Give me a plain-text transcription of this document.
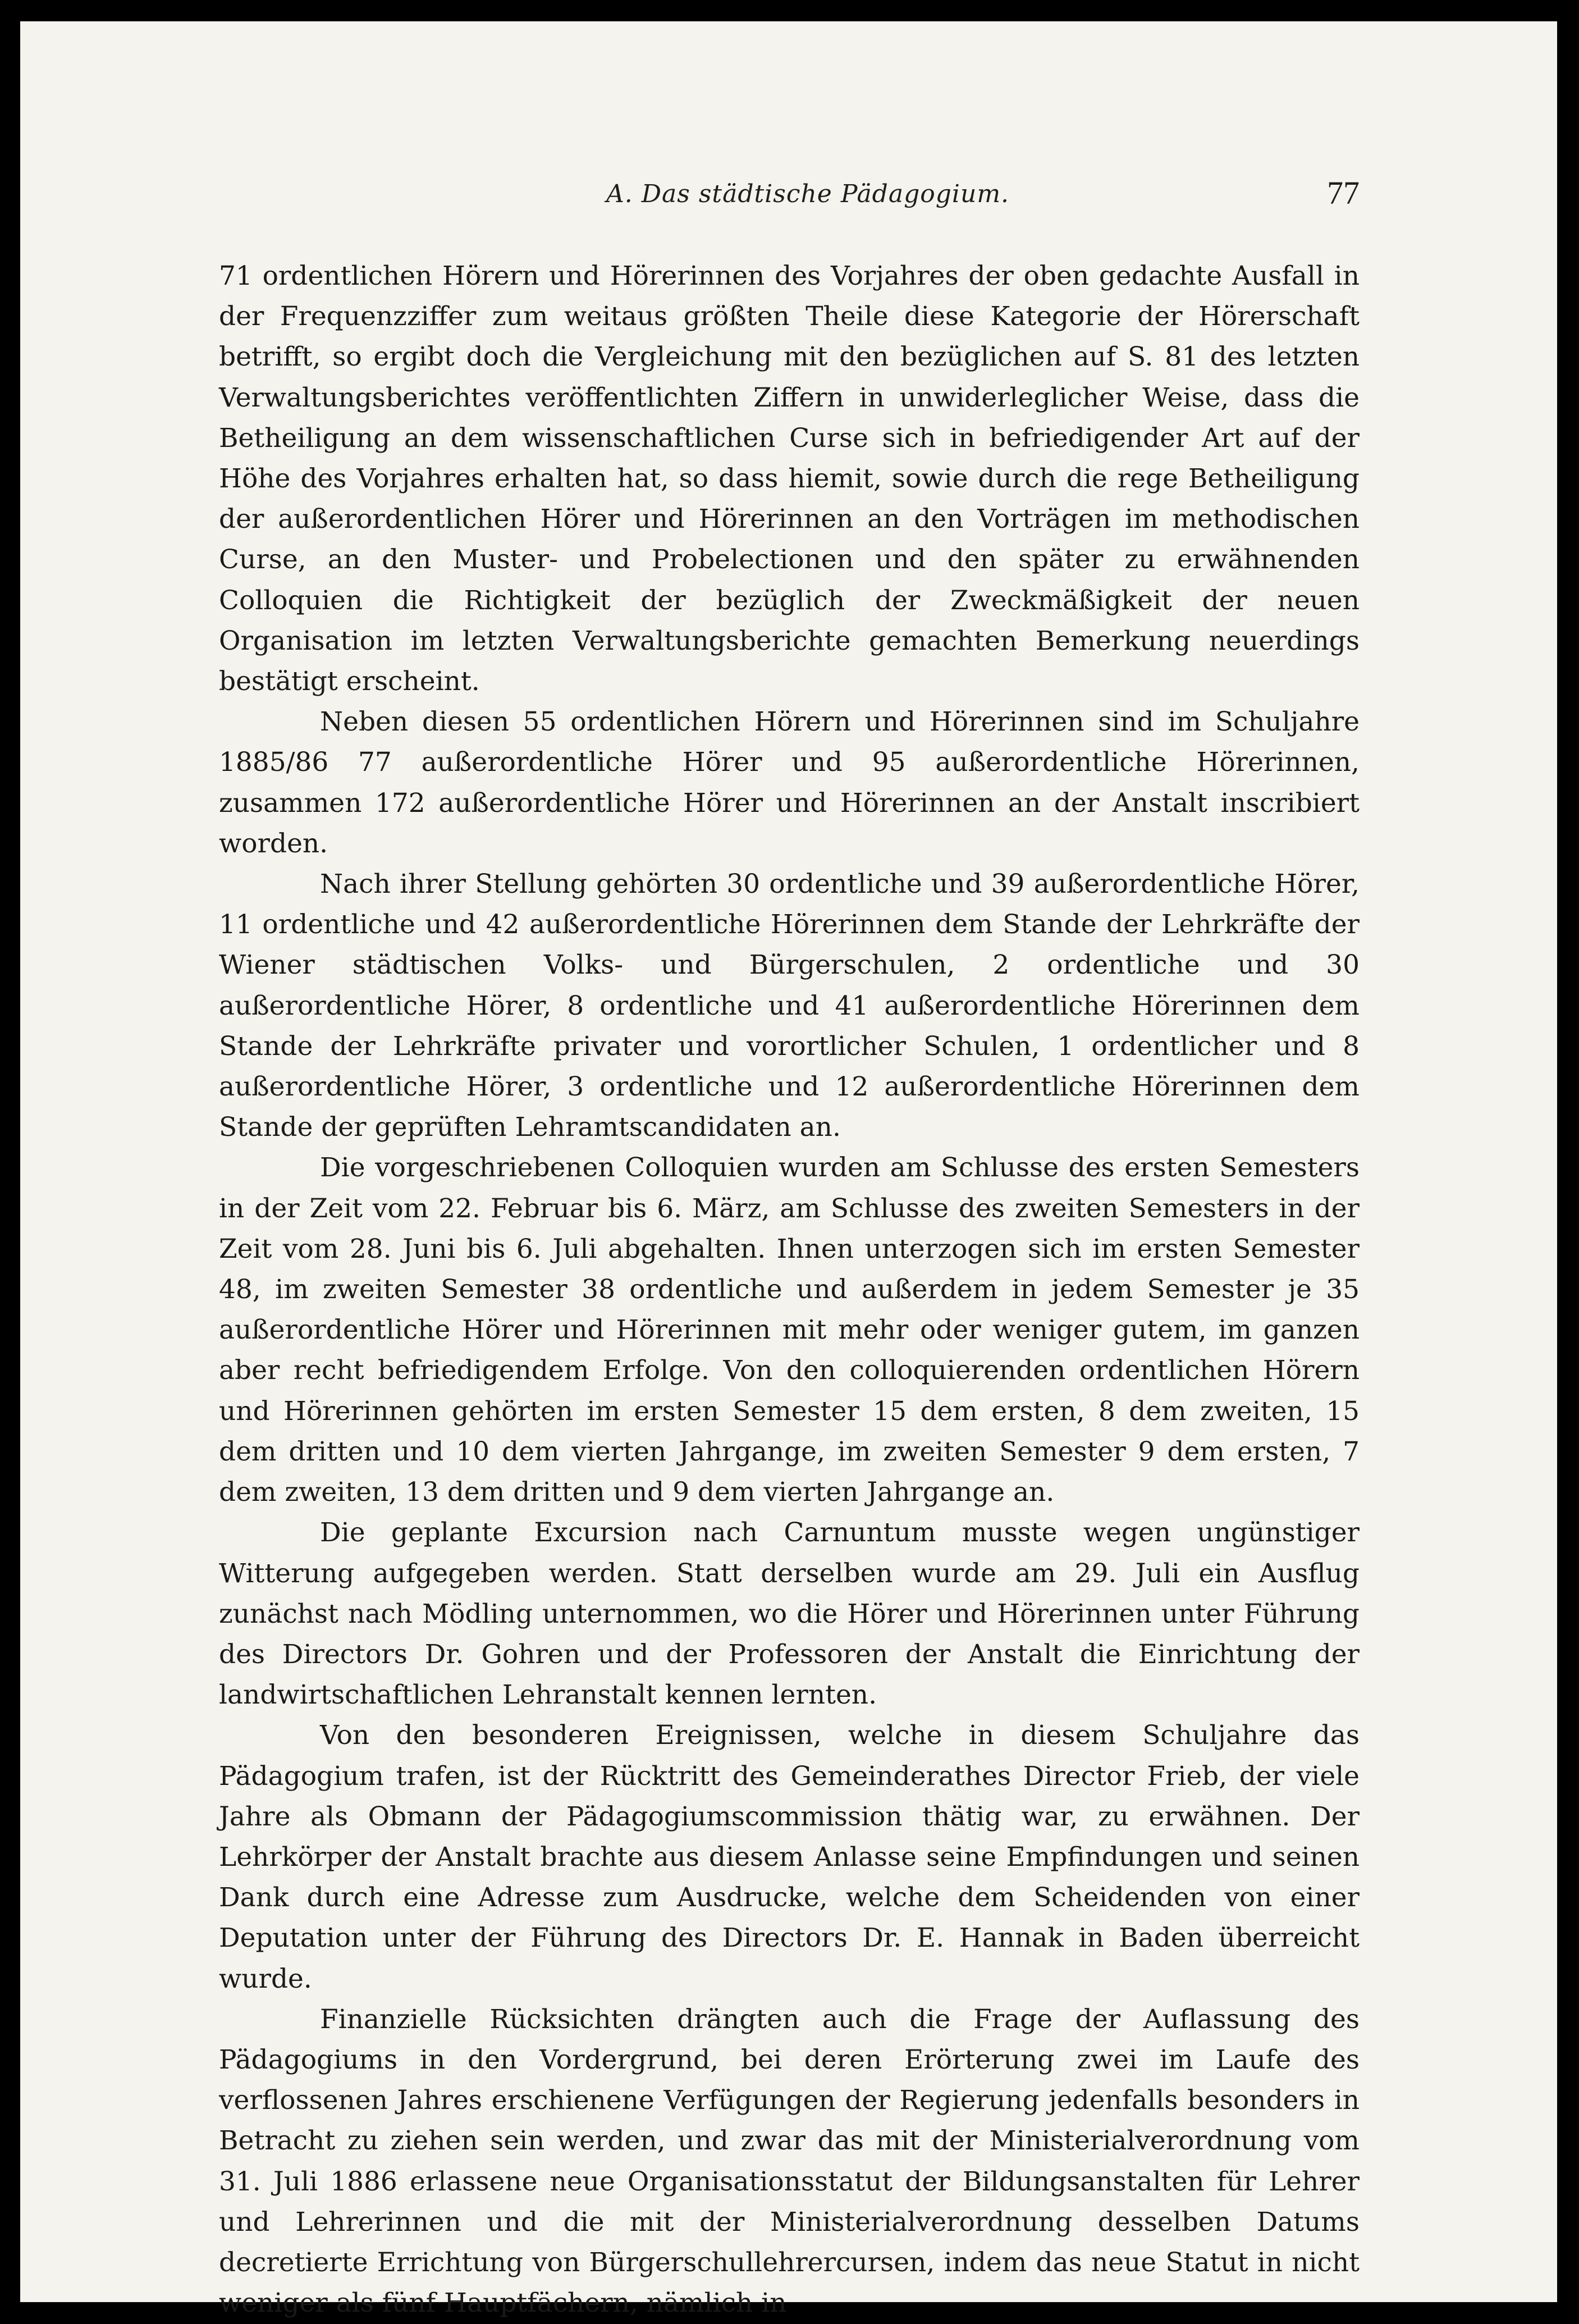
A. Das städtische Pädagogium.	77

71 ordentlichen Hörern und Hörerinnen des Vorjahres der oben gedachte Ausfall in der Frequenzziffer zum weitaus größten Theile diese Kategorie der Hörerschaft betrifft, so ergibt doch die Vergleichung mit den bezüglichen auf S. 81 des letzten Verwaltungsberichtes veröffentlichten Ziffern in unwiderleglicher Weise, dass die Betheiligung an dem wissenschaftlichen Curse sich in befriedigender Art auf der Höhe des Vorjahres erhalten hat, so dass hiemit, sowie durch die rege Betheiligung der außerordentlichen Hörer und Hörerinnen an den Vorträgen im methodischen Curse, an den Muster- und Probelectionen und den später zu erwähnenden Colloquien die Richtigkeit der bezüglich der Zweckmäßigkeit der neuen Organisation im letzten Verwaltungsberichte gemachten Bemerkung neuerdings bestätigt erscheint.

Neben diesen 55 ordentlichen Hörern und Hörerinnen sind im Schuljahre 1885/86 77 außerordentliche Hörer und 95 außerordentliche Hörerinnen, zusammen 172 außerordentliche Hörer und Hörerinnen an der Anstalt inscribiert worden.

Nach ihrer Stellung gehörten 30 ordentliche und 39 außerordentliche Hörer, 11 ordentliche und 42 außerordentliche Hörerinnen dem Stande der Lehrkräfte der Wiener städtischen Volks- und Bürgerschulen, 2 ordentliche und 30 außerordentliche Hörer, 8 ordentliche und 41 außerordentliche Hörerinnen dem Stande der Lehrkräfte privater und vorortlicher Schulen, 1 ordentlicher und 8 außerordentliche Hörer, 3 ordentliche und 12 außerordentliche Hörerinnen dem Stande der geprüften Lehramtscandidaten an.

Die vorgeschriebenen Colloquien wurden am Schlusse des ersten Semesters in der Zeit vom 22. Februar bis 6. März, am Schlusse des zweiten Semesters in der Zeit vom 28. Juni bis 6. Juli abgehalten. Ihnen unterzogen sich im ersten Semester 48, im zweiten Semester 38 ordentliche und außerdem in jedem Semester je 35 außerordentliche Hörer und Hörerinnen mit mehr oder weniger gutem, im ganzen aber recht befriedigendem Erfolge. Von den colloquierenden ordentlichen Hörern und Hörerinnen gehörten im ersten Semester 15 dem ersten, 8 dem zweiten, 15 dem dritten und 10 dem vierten Jahrgange, im zweiten Semester 9 dem ersten, 7 dem zweiten, 13 dem dritten und 9 dem vierten Jahrgange an.

Die geplante Excursion nach Carnuntum musste wegen ungünstiger Witterung aufgegeben werden. Statt derselben wurde am 29. Juli ein Ausflug zunächst nach Mödling unternommen, wo die Hörer und Hörerinnen unter Führung des Directors Dr. Gohren und der Professoren der Anstalt die Einrichtung der landwirtschaftlichen Lehranstalt kennen lernten.

Von den besonderen Ereignissen, welche in diesem Schuljahre das Pädagogium trafen, ist der Rücktritt des Gemeinderathes Director Frieb, der viele Jahre als Obmann der Pädagogiumscommission thätig war, zu erwähnen. Der Lehrkörper der Anstalt brachte aus diesem Anlasse seine Empfindungen und seinen Dank durch eine Adresse zum Ausdrucke, welche dem Scheidenden von einer Deputation unter der Führung des Directors Dr. E. Hannak in Baden überreicht wurde.

Finanzielle Rücksichten drängten auch die Frage der Auflassung des Pädagogiums in den Vordergrund, bei deren Erörterung zwei im Laufe des verflossenen Jahres erschienene Verfügungen der Regierung jedenfalls besonders in Betracht zu ziehen sein werden, und zwar das mit der Ministerialverordnung vom 31. Juli 1886 erlassene neue Organisationsstatut der Bildungsanstalten für Lehrer und Lehrerinnen und die mit der Ministerialverordnung desselben Datums decretierte Errichtung von Bürgerschullehrercursen, indem das neue Statut in nicht weniger als fünf Hauptfächern, nämlich in
